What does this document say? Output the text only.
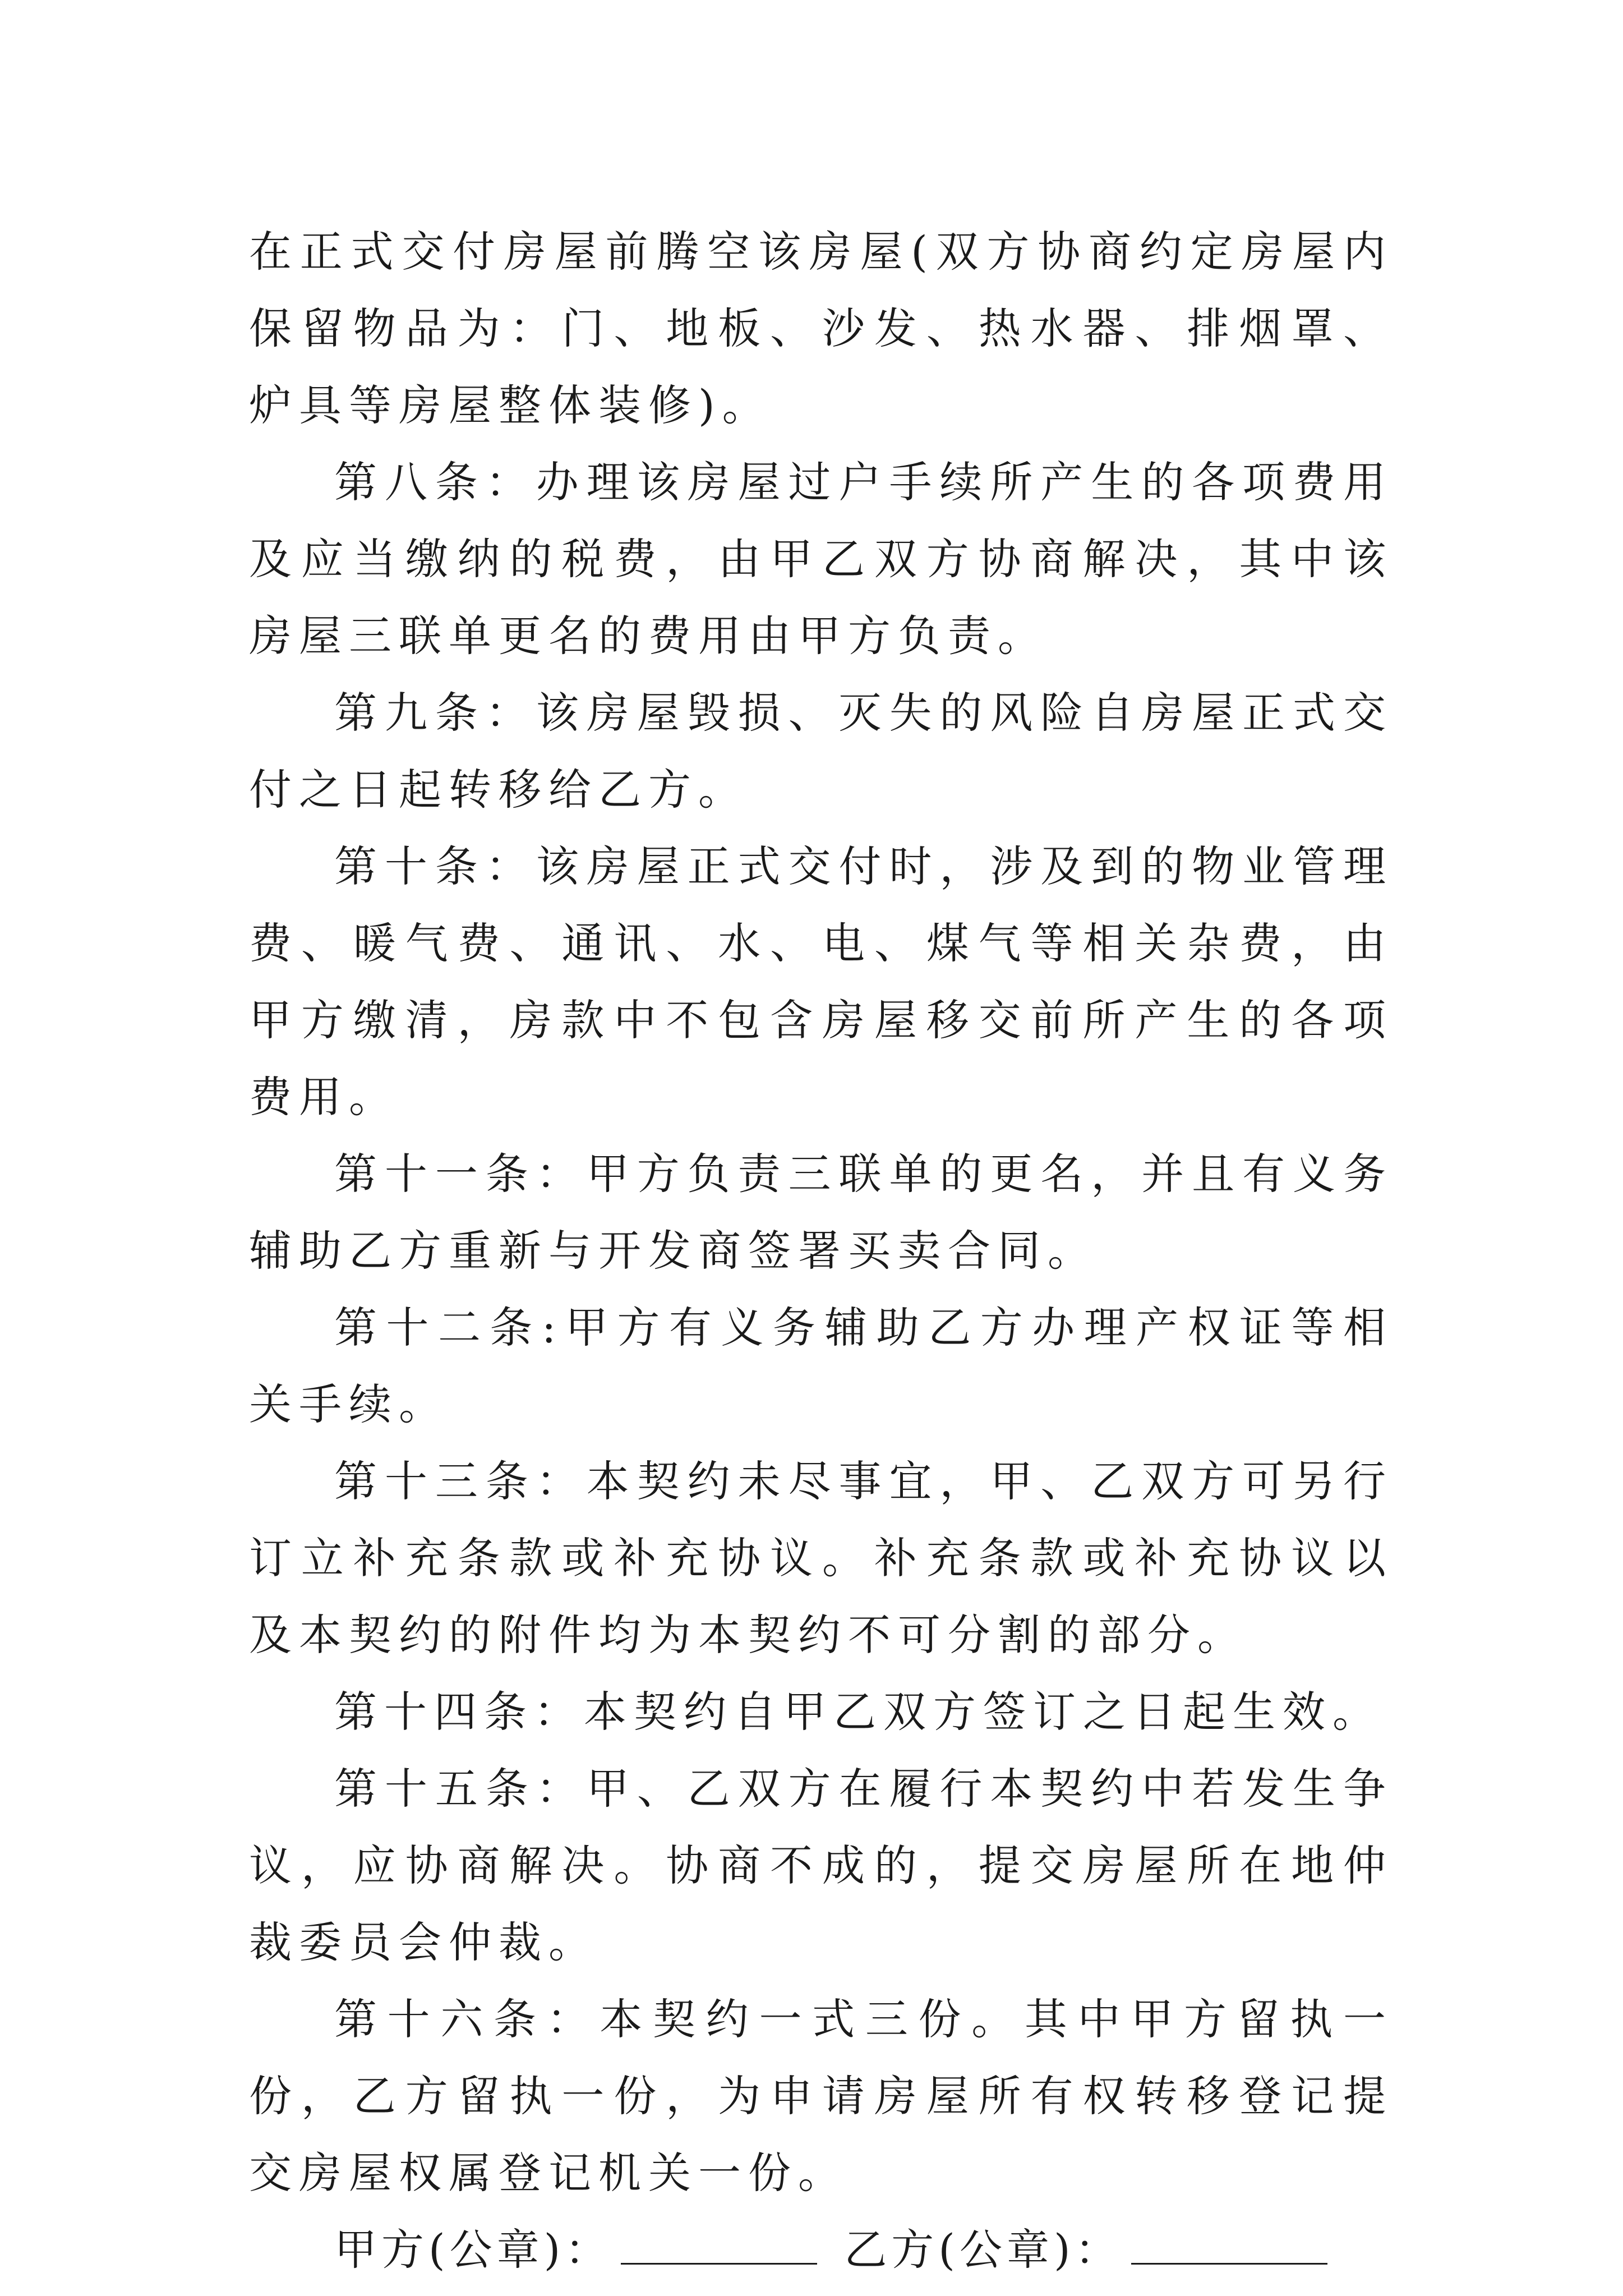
在正式交付房屋前腾空该房屋(双方协商约定房屋内保留物品为：门、地板、沙发、热水器、排烟罩、炉具等房屋整体装修)。

第八条：办理该房屋过户手续所产生的各项费用及应当缴纳的税费，由甲乙双方协商解决，其中该房屋三联单更名的费用由甲方负责。

第九条：该房屋毁损、灭失的风险自房屋正式交付之日起转移给乙方。

第十条：该房屋正式交付时，涉及到的物业管理费、暖气费、通讯、水、电、煤气等相关杂费，由甲方缴清，房款中不包含房屋移交前所产生的各项费用。

第十一条：甲方负责三联单的更名，并且有义务辅助乙方重新与开发商签署买卖合同。

第十二条:甲方有义务辅助乙方办理产权证等相关手续。

第十三条：本契约未尽事宜，甲、乙双方可另行订立补充条款或补充协议。补充条款或补充协议以及本契约的附件均为本契约不可分割的部分。

第十四条：本契约自甲乙双方签订之日起生效。

第十五条：甲、乙双方在履行本契约中若发生争议，应协商解决。协商不成的，提交房屋所在地仲裁委员会仲裁。

第十六条：本契约一式三份。其中甲方留执一份，乙方留执一份，为申请房屋所有权转移登记提交房屋权属登记机关一份。

甲方(公章)：	乙方(公章)：
